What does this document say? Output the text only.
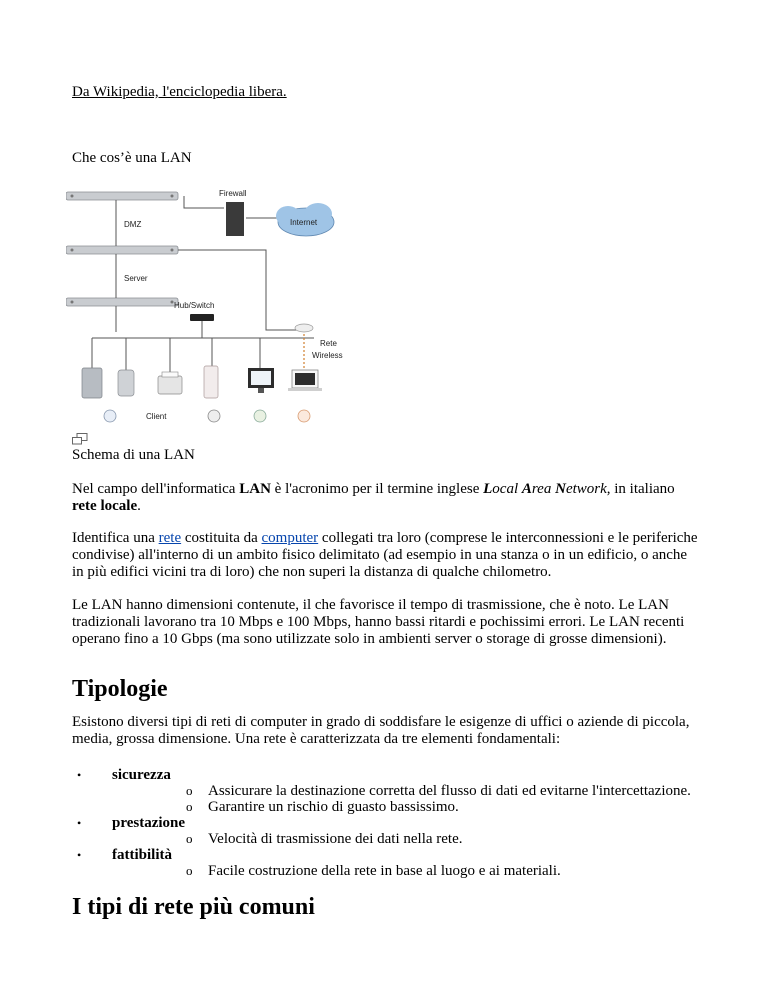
Da Wikipedia, l'enciclopedia libera.
Che cos’è una LAN
Firewall
Internet
DMZ
Server
Hub/Switch
Rete
Wireless
Client
Schema di una LAN

Nel campo dell'informatica LAN è l'acronimo per il termine inglese Local Area Network, in italiano rete locale.

Identifica una rete costituita da computer collegati tra loro (comprese le interconnessioni e le periferiche condivise) all'interno di un ambito fisico delimitato (ad esempio in una stanza o in un edificio, o anche in più edifici vicini tra di loro) che non superi la distanza di qualche chilometro.

Le LAN hanno dimensioni contenute, il che favorisce il tempo di trasmissione, che è noto. Le LAN tradizionali lavorano tra 10 Mbps e 100 Mbps, hanno bassi ritardi e pochissimi errori. Le LAN recenti operano fino a 10 Gbps (ma sono utilizzate solo in ambienti server o storage di grosse dimensioni).

Tipologie

Esistono diversi tipi di reti di computer in grado di soddisfare le esigenze di uffici o aziende di piccola, media, grossa dimensione. Una rete è caratterizzata da tre elementi fondamentali:

• sicurezza
o Assicurare la destinazione corretta del flusso di dati ed evitarne l'intercettazione.
o Garantire un rischio di guasto bassissimo.
• prestazione
o Velocità di trasmissione dei dati nella rete.
• fattibilità
o Facile costruzione della rete in base al luogo e ai materiali.
I tipi di rete più comuni
